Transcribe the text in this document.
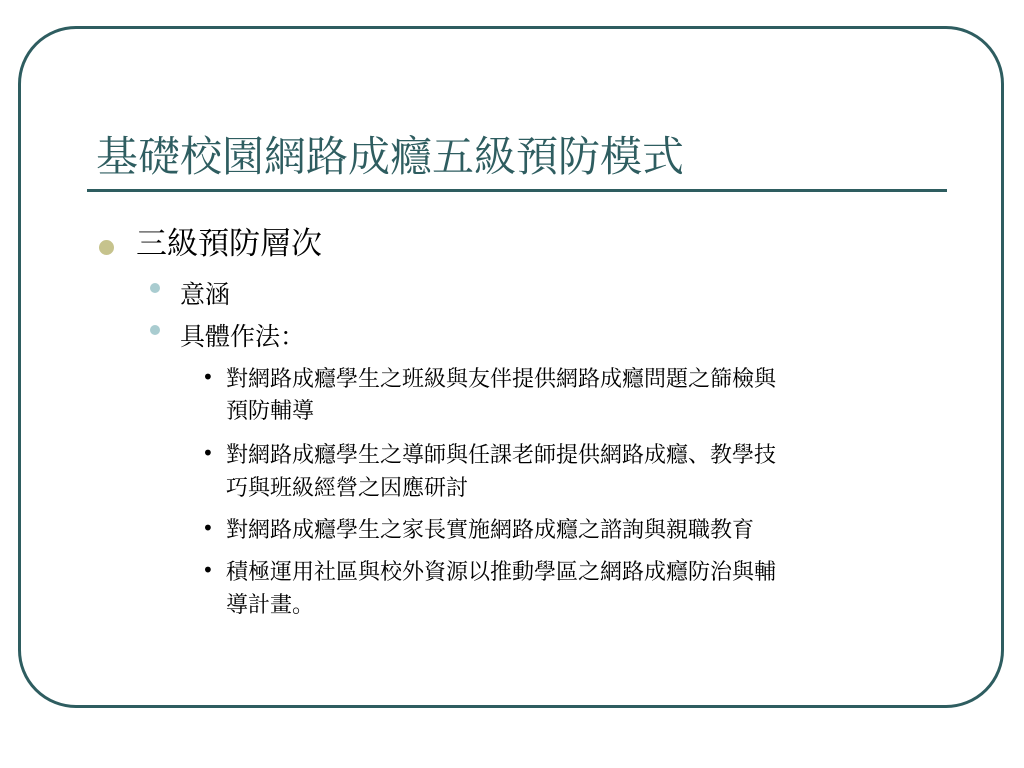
基礎校園網路成癮五級預防模式
三級預防層次
意涵
具體作法：
• 對網路成癮學生之班級與友伴提供網路成癮問題之篩檢與
預防輔導
• 對網路成癮學生之導師與任課老師提供網路成癮、教學技
巧與班級經營之因應研討
• 對網路成癮學生之家長實施網路成癮之諮詢與親職教育
• 積極運用社區與校外資源以推動學區之網路成癮防治與輔
導計畫。
